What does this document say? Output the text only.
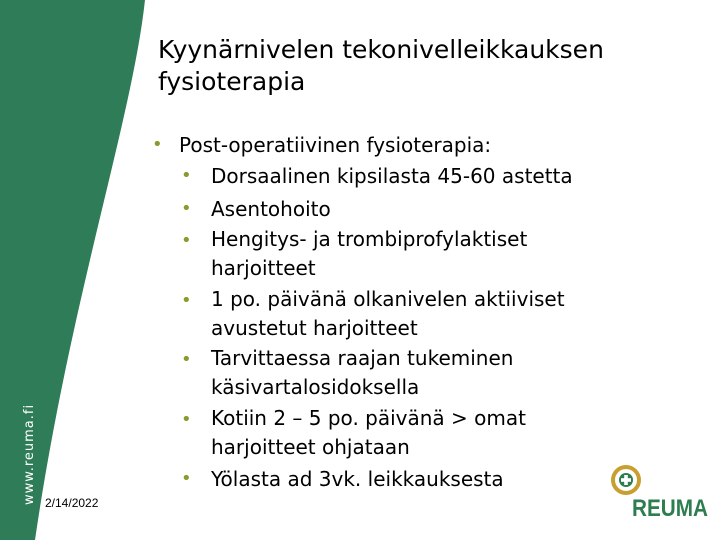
www.reuma.fi 2/14/2022
Kyynärnivelen tekonivelleikkauksen
fysioterapia
• Post-operatiivinen fysioterapia:
• Dorsaalinen kipsilasta 45-60 astetta
• Asentohoito
• Hengitys- ja trombiprofylaktiset
harjoitteet
• 1 po. päivänä olkanivelen aktiiviset
avustetut harjoitteet
• Tarvittaessa raajan tukeminen
käsivartalosidoksella
• Kotiin 2 – 5 po. päivänä > omat
harjoitteet ohjataan
• Yölasta ad 3vk. leikkauksesta
REUMA
